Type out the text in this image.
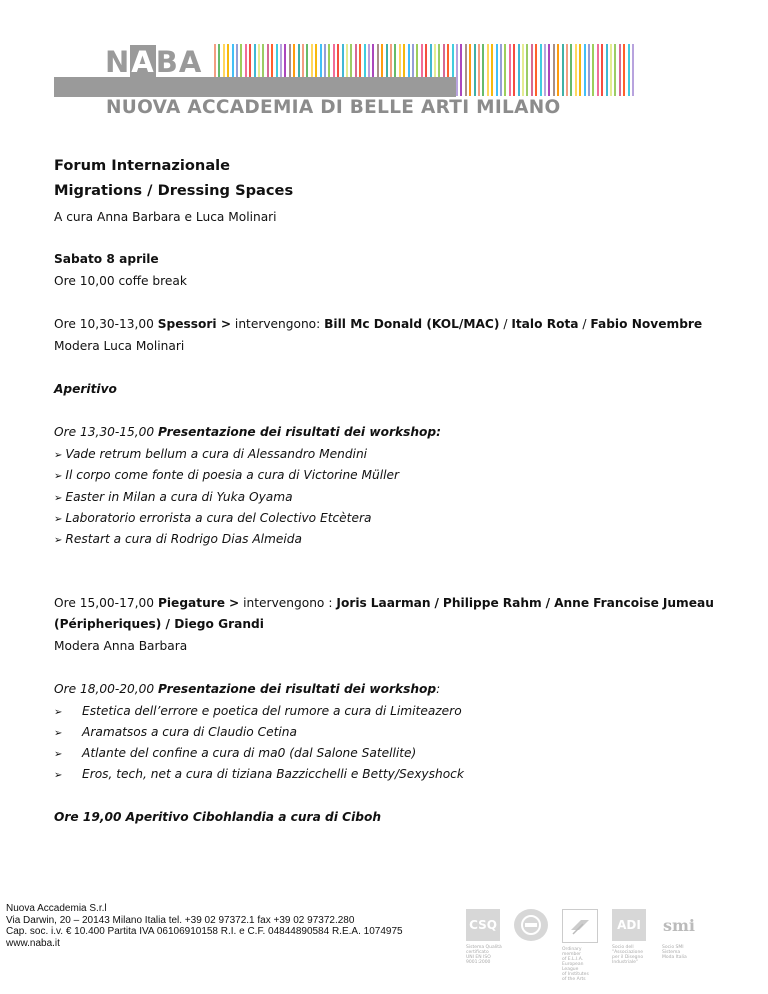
NABA
NUOVA ACCADEMIA DI BELLE ARTI MILANO
Forum Internazionale
Migrations / Dressing Spaces
A cura Anna Barbara e Luca Molinari
Sabato 8 aprile
Ore 10,00 coffe break
Ore 10,30-13,00 Spessori > intervengono: Bill Mc Donald (KOL/MAC) / Italo Rota / Fabio Novembre
Modera Luca Molinari
Aperitivo
Ore 13,30-15,00 Presentazione dei risultati dei workshop:
➢ Vade retrum bellum a cura di Alessandro Mendini
➢ Il corpo come fonte di poesia a cura di Victorine Müller
➢ Easter in Milan a cura di Yuka Oyama
➢ Laboratorio errorista a cura del Colectivo Etcètera
➢ Restart a cura di Rodrigo Dias Almeida
Ore 15,00-17,00 Piegature > intervengono : Joris Laarman / Philippe Rahm / Anne Francoise Jumeau
(Péripheriques) / Diego Grandi
Modera Anna Barbara
Ore 18,00-20,00 Presentazione dei risultati dei workshop:
➢ Estetica dell’errore e poetica del rumore a cura di Limiteazero
➢ Aramatsos a cura di Claudio Cetina
➢ Atlante del confine a cura di ma0 (dal Salone Satellite)
➢ Eros, tech, net a cura di tiziana Bazzicchelli e Betty/Sexyshock
Ore 19,00 Aperitivo Cibohlandia a cura di Ciboh
Nuova Accademia S.r.l
Via Darwin, 20 – 20143 Milano Italia tel. +39 02 97372.1 fax +39 02 97372.280
Cap. soc. i.v. € 10.400 Partita IVA 06106910158 R.I. e C.F. 04844890584 R.E.A. 1074975
www.naba.it
CSQ
Sistema Qualità certificato
UNI EN ISO 9001:2000
Ordinary member
of E.L.I.A.
European League
of Institutes
of the Arts
ADI
Socio dell
"Associazione
per il Disegno
Industriale"
smi
Socio SMI
Sistema
Moda Italia
